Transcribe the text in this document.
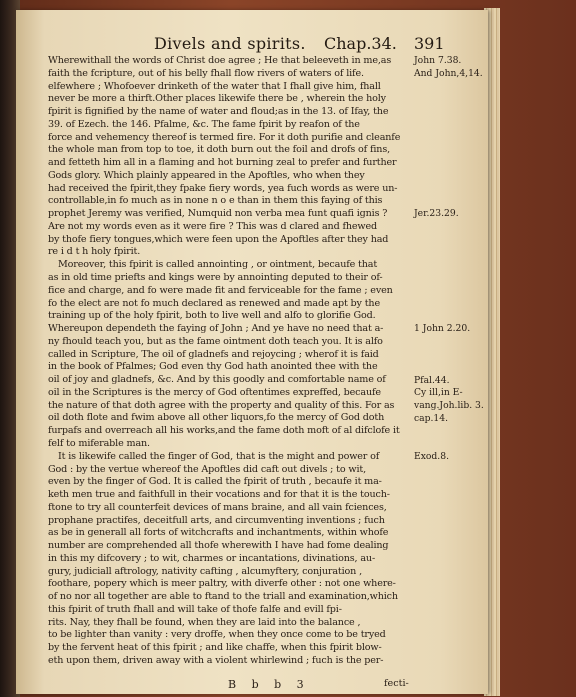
Divels and spirits. Chap.34. 391
Wherewithall the words of Christ doe agree ; He that beleeveth in me,as
faith the fcripture, out of his belly fhall flow rivers of waters of life.
elfewhere ; Whofoever drinketh of the water that I fhall give him, fhall
never be more a thirft.Other places likewife there be , wherein the holy
fpirit is fignified by the name of water and floud;as in the 13. of Ifay, the
39. of Ezech. the 146. Pfalme, &c. The fame fpirit by reafon of the
force and vehemency thereof is termed fire. For it doth purifie and cleanfe
the whole man from top to toe, it doth burn out the foil and drofs of fins,
and fetteth him all in a flaming and hot burning zeal to prefer and further
Gods glory. Which plainly appeared in the Apoftles, who when they
had received the fpirit,they fpake fiery words, yea fuch words as were un-
controllable,in fo much as in none n o e than in them this faying of this
prophet Jeremy was verified, Numquid non verba mea funt quafi ignis ?
Are not my words even as it were fire ? This was d clared and fhewed
by thofe fiery tongues,which were feen upon the Apoftles after they had
re i d t h holy fpirit.
Moreover, this fpirit is called annointing , or ointment, becaufe that
as in old time priefts and kings were by annointing deputed to their of-
fice and charge, and fo were made fit and ferviceable for the fame ; even
fo the elect are not fo much declared as renewed and made apt by the
training up of the holy fpirit, both to live well and alfo to glorifie God.
Whereupon dependeth the faying of John ; And ye have no need that a-
ny fhould teach you, but as the fame ointment doth teach you. It is alfo
called in Scripture, The oil of gladnefs and rejoycing ; wherof it is faid
in the book of Pfalmes; God even thy God hath anointed thee with the
oil of joy and gladnefs, &c. And by this goodly and comfortable name of
oil in the Scriptures is the mercy of God oftentimes expreffed, becaufe
the nature of that doth agree with the property and quality of this. For as
oil doth flote and fwim above all other liquors,fo the mercy of God doth
furpafs and overreach all his works,and the fame doth moft of al difclofe it
felf to miferable man.
It is likewife called the finger of God, that is the might and power of
God : by the vertue whereof the Apoftles did caft out divels ; to wit,
even by the finger of God. It is called the fpirit of truth , becaufe it ma-
keth men true and faithfull in their vocations and for that it is the touch-
ftone to try all counterfeit devices of mans braine, and all vain fciences,
prophane practifes, deceitfull arts, and circumventing inventions ; fuch
as be in generall all forts of witchcrafts and inchantments, within whofe
number are comprehended all thofe wherewith I have had fome dealing
in this my difcovery ; to wit, charmes or incantations, divinations, au-
gury, judiciall aftrology, nativity cafting , alcumyftery, conjuration ,
foothare, popery which is meer paltry, with diverfe other : not one where-
of no nor all together are able to ftand to the triall and examination,which
this fpirit of truth fhall and will take of thofe falfe and evill fpi-
rits. Nay, they fhall be found, when they are laid into the balance ,
to be lighter than vanity : very droffe, when they once come to be tryed
by the fervent heat of this fpirit ; and like chaffe, when this fpirit blow-
eth upon them, driven away with a violent whirlewind ; fuch is the per-
John 7.38.
And John,4,14.
Jer.23.29.
1 John 2.20.
Pfal.44.
Cy ill,in E-
vang.Joh.lib. 3.
cap.14.
Exod.8.
B b b 3	fecti-
